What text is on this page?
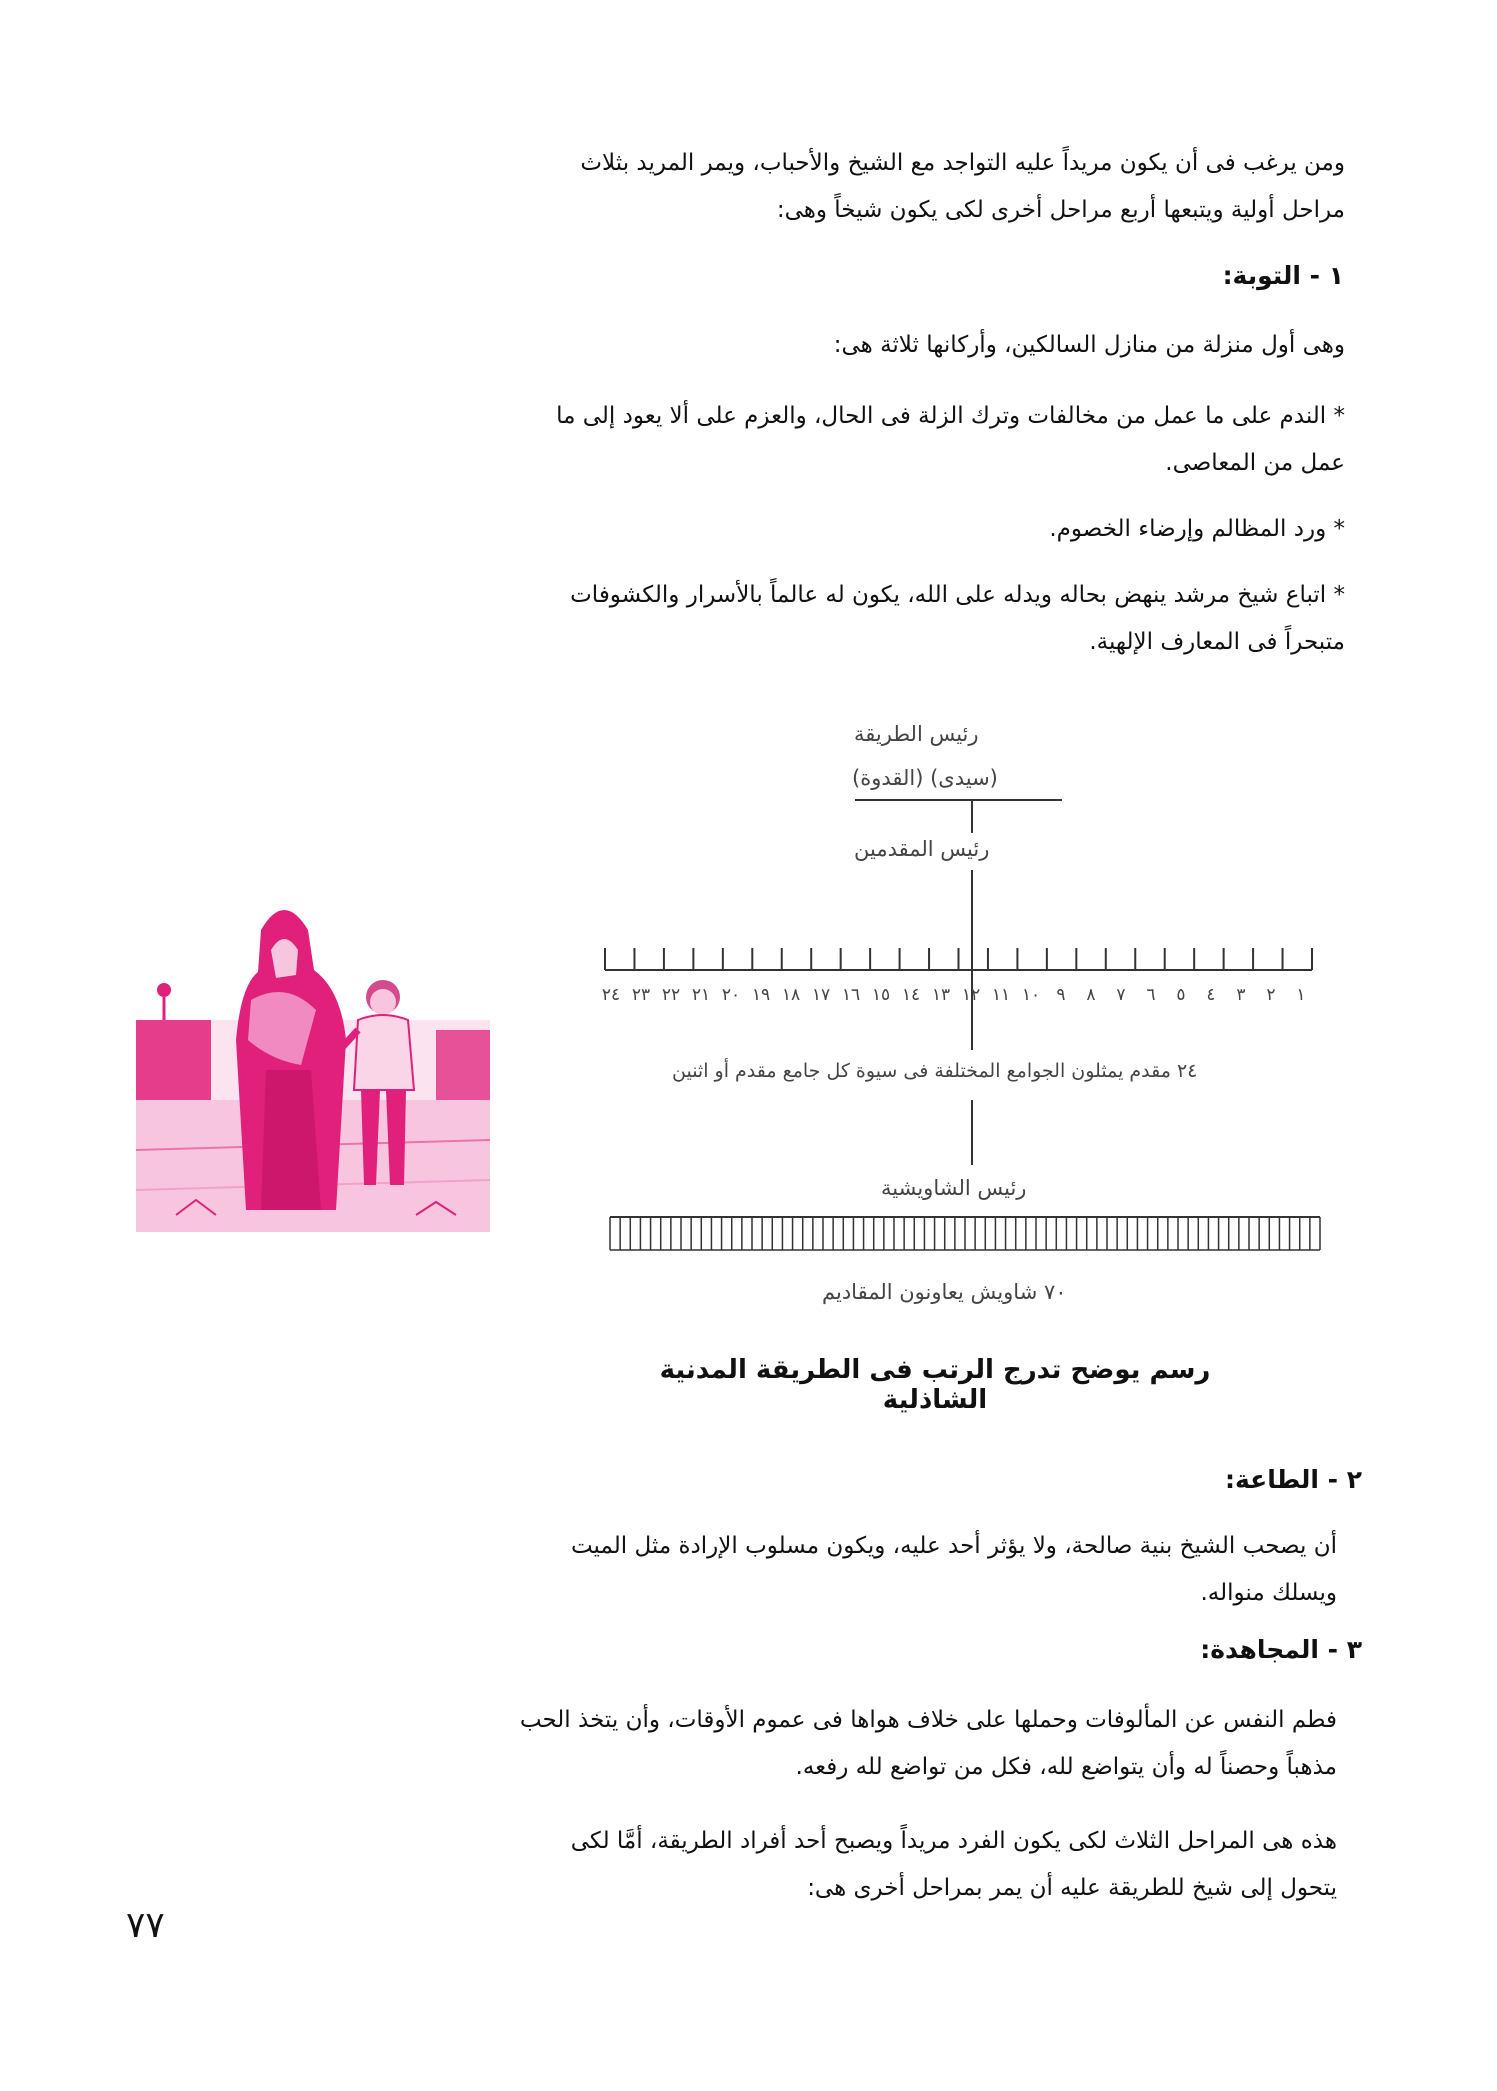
ومن يرغب فى أن يكون مريداً عليه التواجد مع الشيخ والأحباب، ويمر المريد بثلاث
مراحل أولية ويتبعها أربع مراحل أخرى لكى يكون شيخاً وهى:
١ - التوبة:
وهى أول منزلة من منازل السالكين، وأركانها ثلاثة هى:
* الندم على ما عمل من مخالفات وترك الزلة فى الحال، والعزم على ألا يعود إلى ما
عمل من المعاصى.
* ورد المظالم وإرضاء الخصوم.
* اتباع شيخ مرشد ينهض بحاله ويدله على الله، يكون له عالماً بالأسرار والكشوفات
متبحراً فى المعارف الإلهية.
رئيس الطريقة
(سيدى) (القدوة)
رئيس المقدمين
١
٢
٣
٤
٥
٦
٧
٨
٩
١٠
١١
١٢
١٣
١٤
١٥
١٦
١٧
١٨
١٩
٢٠
٢١
٢٢
٢٣
٢٤
٢٤ مقدم يمثلون الجوامع المختلفة فى سيوة كل جامع مقدم أو اثنين
رئيس الشاويشية
٧٠ شاويش يعاونون المقاديم
رسم يوضح تدرج الرتب فى الطريقة المدنية الشاذلية
٢ - الطاعة:
أن يصحب الشيخ بنية صالحة، ولا يؤثر أحد عليه، ويكون مسلوب الإرادة مثل الميت
ويسلك منواله.
٣ - المجاهدة:
فطم النفس عن المألوفات وحملها على خلاف هواها فى عموم الأوقات، وأن يتخذ الحب
مذهباً وحصناً له وأن يتواضع لله، فكل من تواضع لله رفعه.
هذه هى المراحل الثلاث لكى يكون الفرد مريداً ويصبح أحد أفراد الطريقة، أمَّا لكى
يتحول إلى شيخ للطريقة عليه أن يمر بمراحل أخرى هى:
٧٧
